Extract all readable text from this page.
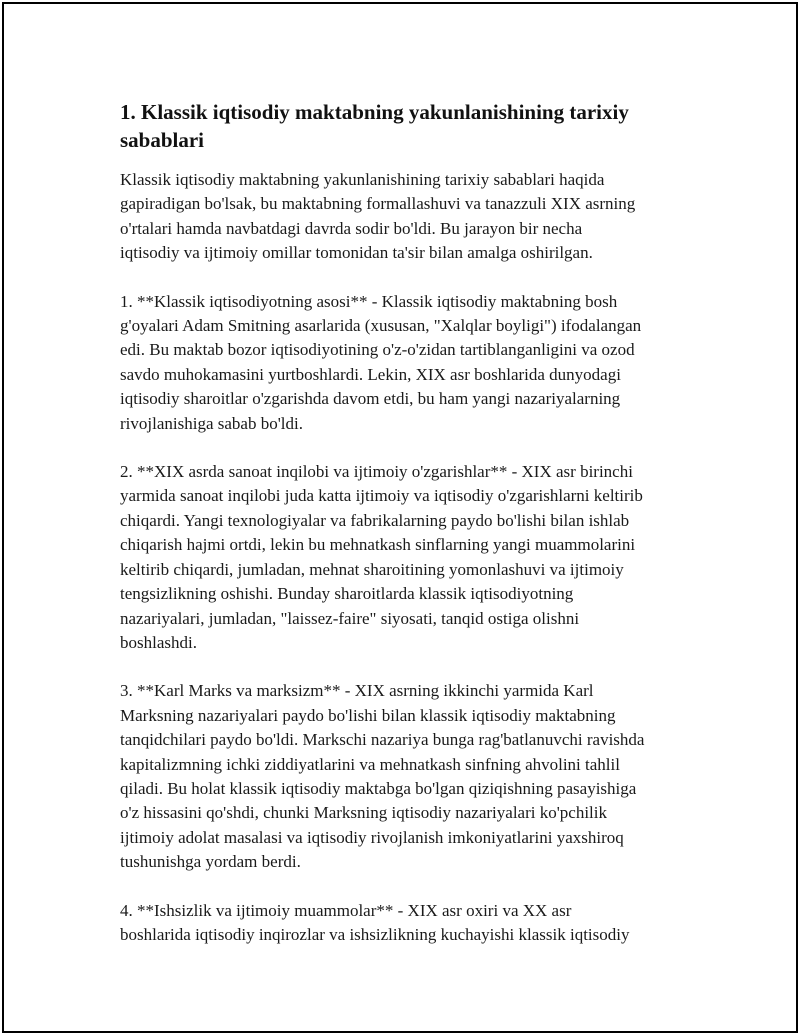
1. Klassik iqtisodiy maktabning yakunlanishining tarixiy sabablari

Klassik iqtisodiy maktabning yakunlanishining tarixiy sabablari haqida
gapiradigan bo'lsak, bu maktabning formallashuvi va tanazzuli XIX asrning
o'rtalari hamda navbatdagi davrda sodir bo'ldi. Bu jarayon bir necha
iqtisodiy va ijtimoiy omillar tomonidan ta'sir bilan amalga oshirilgan.

1. **Klassik iqtisodiyotning asosi** - Klassik iqtisodiy maktabning bosh
g'oyalari Adam Smitning asarlarida (xususan, "Xalqlar boyligi") ifodalangan
edi. Bu maktab bozor iqtisodiyotining o'z-o'zidan tartiblanganligini va ozod
savdo muhokamasini yurtboshlardi. Lekin, XIX asr boshlarida dunyodagi
iqtisodiy sharoitlar o'zgarishda davom etdi, bu ham yangi nazariyalarning
rivojlanishiga sabab bo'ldi.

2. **XIX asrda sanoat inqilobi va ijtimoiy o'zgarishlar** - XIX asr birinchi
yarmida sanoat inqilobi juda katta ijtimoiy va iqtisodiy o'zgarishlarni keltirib
chiqardi. Yangi texnologiyalar va fabrikalarning paydo bo'lishi bilan ishlab
chiqarish hajmi ortdi, lekin bu mehnatkash sinflarning yangi muammolarini
keltirib chiqardi, jumladan, mehnat sharoitining yomonlashuvi va ijtimoiy
tengsizlikning oshishi. Bunday sharoitlarda klassik iqtisodiyotning
nazariyalari, jumladan, "laissez-faire" siyosati, tanqid ostiga olishni
boshlashdi.

3. **Karl Marks va marksizm** - XIX asrning ikkinchi yarmida Karl
Marksning nazariyalari paydo bo'lishi bilan klassik iqtisodiy maktabning
tanqidchilari paydo bo'ldi. Markschi nazariya bunga rag'batlanuvchi ravishda
kapitalizmning ichki ziddiyatlarini va mehnatkash sinfning ahvolini tahlil
qiladi. Bu holat klassik iqtisodiy maktabga bo'lgan qiziqishning pasayishiga
o'z hissasini qo'shdi, chunki Marksning iqtisodiy nazariyalari ko'pchilik
ijtimoiy adolat masalasi va iqtisodiy rivojlanish imkoniyatlarini yaxshiroq
tushunishga yordam berdi.

4. **Ishsizlik va ijtimoiy muammolar** - XIX asr oxiri va XX asr
boshlarida iqtisodiy inqirozlar va ishsizlikning kuchayishi klassik iqtisodiy
